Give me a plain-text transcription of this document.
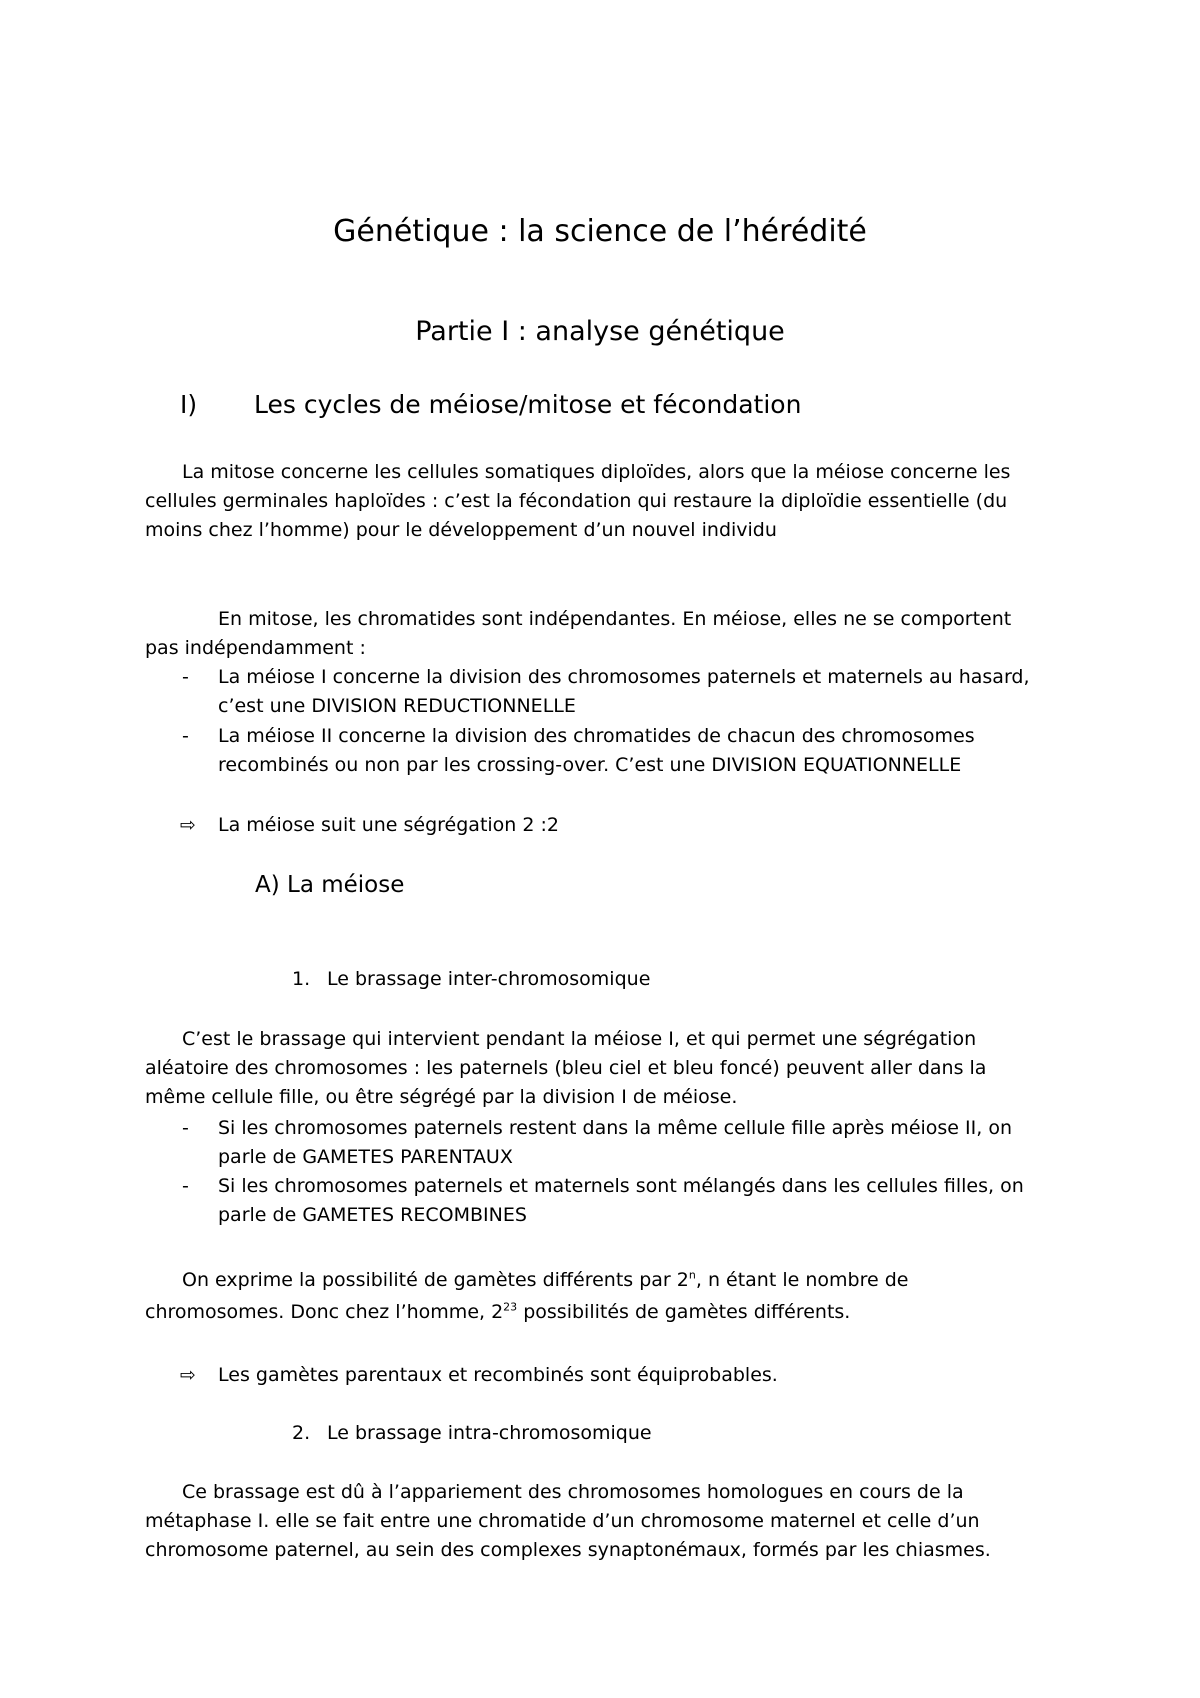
Génétique : la science de l’hérédité
Partie I : analyse génétique
I) Les cycles de méiose/mitose et fécondation
La mitose concerne les cellules somatiques diploïdes, alors que la méiose concerne les
cellules germinales haploïdes : c’est la fécondation qui restaure la diploïdie essentielle (du
moins chez l’homme) pour le développement d’un nouvel individu
En mitose, les chromatides sont indépendantes. En méiose, elles ne se comportent
pas indépendamment :
- La méiose I concerne la division des chromosomes paternels et maternels au hasard,
c’est une DIVISION REDUCTIONNELLE
- La méiose II concerne la division des chromatides de chacun des chromosomes
recombinés ou non par les crossing-over. C’est une DIVISION EQUATIONNELLE
⇨ La méiose suit une ségrégation 2 :2
A) La méiose
1. Le brassage inter-chromosomique
C’est le brassage qui intervient pendant la méiose I, et qui permet une ségrégation
aléatoire des chromosomes : les paternels (bleu ciel et bleu foncé) peuvent aller dans la
même cellule fille, ou être ségrégé par la division I de méiose.
- Si les chromosomes paternels restent dans la même cellule fille après méiose II, on
parle de GAMETES PARENTAUX
- Si les chromosomes paternels et maternels sont mélangés dans les cellules filles, on
parle de GAMETES RECOMBINES
On exprime la possibilité de gamètes différents par 2$^n$, n étant le nombre de
chromosomes. Donc chez l’homme, $2^{23}$ possibilités de gamètes différents.
⇨ Les gamètes parentaux et recombinés sont équiprobables.
2. Le brassage intra-chromosomique
Ce brassage est dû à l’appariement des chromosomes homologues en cours de la
métaphase I. elle se fait entre une chromatide d’un chromosome maternel et celle d’un
chromosome paternel, au sein des complexes synaptonémaux, formés par les chiasmes.
